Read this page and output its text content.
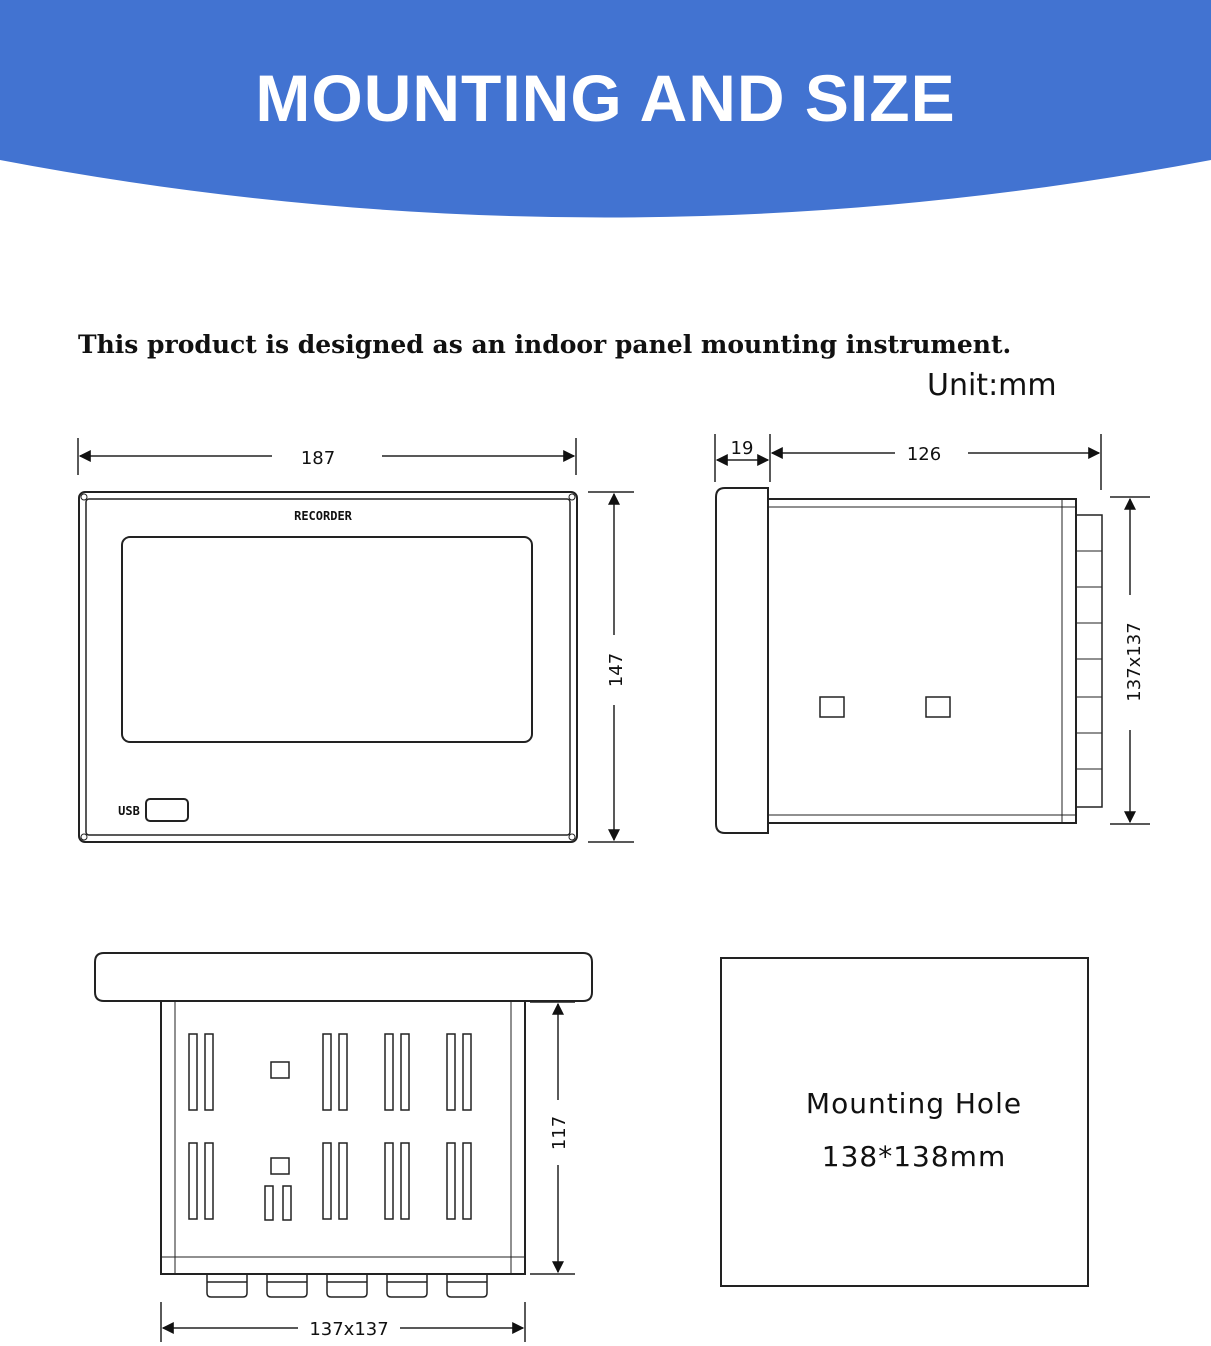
MOUNTING AND SIZE
This product is designed as an indoor panel mounting instrument.
Unit:mm
RECORDER
USB
187
147
19	126
137x137
117
137x137
Mounting Hole
138*138mm
